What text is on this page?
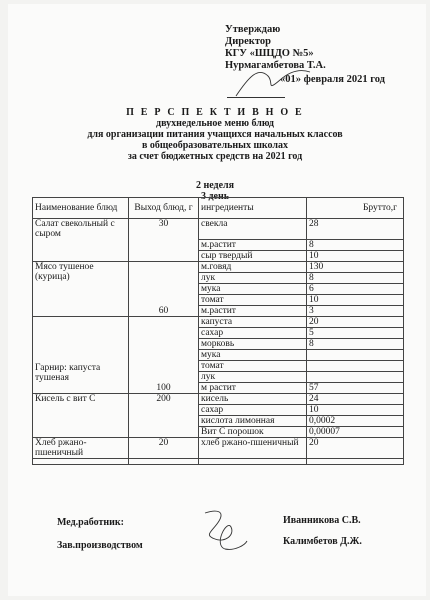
Утверждаю
Директор
КГУ «ШЦДО №5»
Нурмагамбетова Т.А.
«01» февраля 2021 год
П Е Р С П Е К Т И В Н О Е
двухнедельное меню блюд
для организации питания учащихся начальных классов
в общеобразовательных школах
за счет бюджетных средств на 2021 год
2 неделя
3 день
Наименование блюд	Выход блюд, г	ингредиенты	Брутто,г
Салат свекольный с сыром	30	свекла	28
		м.растит	8
		сыр твердый	10
Мясо тушеное (курица)	60	м.говяд	130
		лук	8
		мука	6
		томат	10
		м.растит	3
Гарнир: капуста тушеная	100	капуста	20
		сахар	5
		морковь	8
		мука	
		томат	
		лук	
		м растит	57
Кисель с вит С	200	кисель	24
		сахар	10
		кислота лимонная	0,0002
		Вит С порошок	0,00007
Хлеб ржано-пшеничный	20	хлеб ржано-пшеничный	20

Мед.работник:	Иванникова С.В.
Зав.производством	Калимбетов Д.Ж.
